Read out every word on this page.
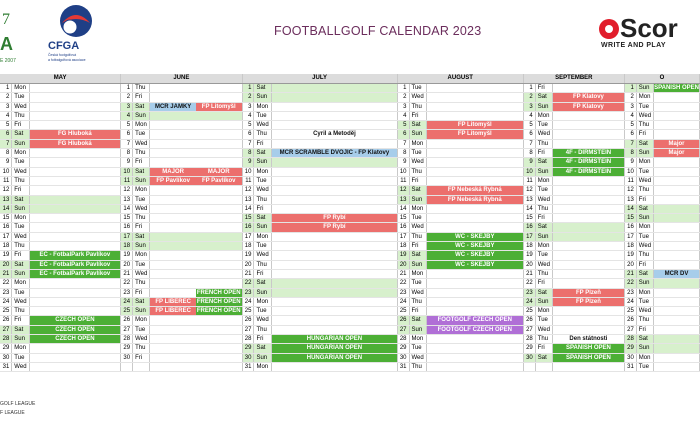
7
A
E 2007
CFGA
Česká footgolfová
a fotbalgolfová asociace
FOOTBALLGOLF CALENDAR 2023	Scor
WRITE AND PLAY
MAY			JUNE			JULY			AUGUST			SEPTEMBER			O		
1	Mon		1	Thu		1	Sat		1	Tue		1	Fri		1	Sun	SPANISH OPEN

2	Tue		2	Fri		2	Sun		2	Wed		2	Sat	FP Klatovy	2	Mon	
3	Wed		3	Sat	MČR JAMKY FP Litomyšl	3	Mon		3	Thu		3	Sun	FP Klatovy	3	Tue	
4	Thu		4	Sun		4	Tue		4	Fri		4	Mon		4	Wed	
5	Fri		5	Mon		5	Wed		5	Sat	FP Litomyšl	5	Tue		5	Thu	
6	Sat	FG Hluboká	6	Tue		6	Thu	Cyril a Metoděj	6	Sun	FP Litomyšl	6	Wed		6	Fri	
7	Sun	FG Hluboká	7	Wed		7	Fri		7	Mon		7	Thu		7	Sat	Major

8	Mon		8	Thu		8	Sat	MČR SCRAMBLE DVOJIC - FP Klatovy	8	Tue		8	Fri	4F - DIRMSTEIN	8	Sun	Major

9	Tue		9	Fri		9	Sun		9	Wed		9	Sat	4F - DIRMSTEIN	9	Mon	
10	Wed		10	Sat	MAJOR MAJOR	10	Mon		10	Thu		10	Sun	4F - DIRMSTEIN	10	Tue	
11	Thu		11	Sun	FP Pavlíkov FP Pavlíkov	11	Tue		11	Fri		11	Mon		11	Wed	
12	Fri		12	Mon		12	Wed		12	Sat	FP Nebeská Rybná	12	Tue		12	Thu	
13	Sat		13	Tue		13	Thu		13	Sun	FP Nebeská Rybná	13	Wed		13	Fri	
14	Sun		14	Wed		14	Fri		14	Mon		14	Thu		14	Sat	
15	Mon		15	Thu		15	Sat	FP Rybí	15	Tue		15	Fri		15	Sun	
16	Tue		16	Fri		16	Sun	FP Rybí	16	Wed		16	Sat		16	Mon	
17	Wed		17	Sat		17	Mon		17	Thu	WC - SKEJBY	17	Sun		17	Tue	
18	Thu		18	Sun		18	Tue		18	Fri	WC - SKEJBY	18	Mon		18	Wed	
19	Fri	EC - FotbalPark Pavlíkov	19	Mon		19	Wed		19	Sat	WC - SKEJBY	19	Tue		19	Thu	
20	Sat	EC - FotbalPark Pavlíkov	20	Tue		20	Thu		20	Sun	WC - SKEJBY	20	Wed		20	Fri	
21	Sun	EC - FotbalPark Pavlíkov	21	Wed		21	Fri		21	Mon		21	Thu		21	Sat	MČR DV

22	Mon		22	Thu		22	Sat		22	Tue		22	Fri		22	Sun	
23	Tue		23	Fri	FRENCH OPEN	23	Sun		23	Wed		23	Sat	FP Plzeň	23	Mon	
24	Wed		24	Sat	FP LIBEREC FRENCH OPEN	24	Mon		24	Thu		24	Sun	FP Plzeň	24	Tue	
25	Thu		25	Sun	FP LIBEREC FRENCH OPEN	25	Tue		25	Fri		25	Mon		25	Wed	
26	Fri	CZECH OPEN	26	Mon		26	Wed		26	Sat	FOOTGOLF CZECH OPEN	26	Tue		26	Thu	
27	Sat	CZECH OPEN	27	Tue		27	Thu		27	Sun	FOOTGOLF CZECH OPEN	27	Wed		27	Fri	
28	Sun	CZECH OPEN	28	Wed		28	Fri	HUNGARIAN OPEN	28	Mon		28	Thu	Den státnosti	28	Sat	
29	Mon		29	Thu		29	Sat	HUNGARIAN OPEN	29	Tue		29	Fri	SPANISH OPEN	29	Sun	
30	Tue		30	Fri		30	Sun	HUNGARIAN OPEN	30	Wed		30	Sat	SPANISH OPEN	30	Mon	
31	Wed					31	Mon		31	Thu					31	Tue	
GOLF LEAGUE
F LEAGUE
